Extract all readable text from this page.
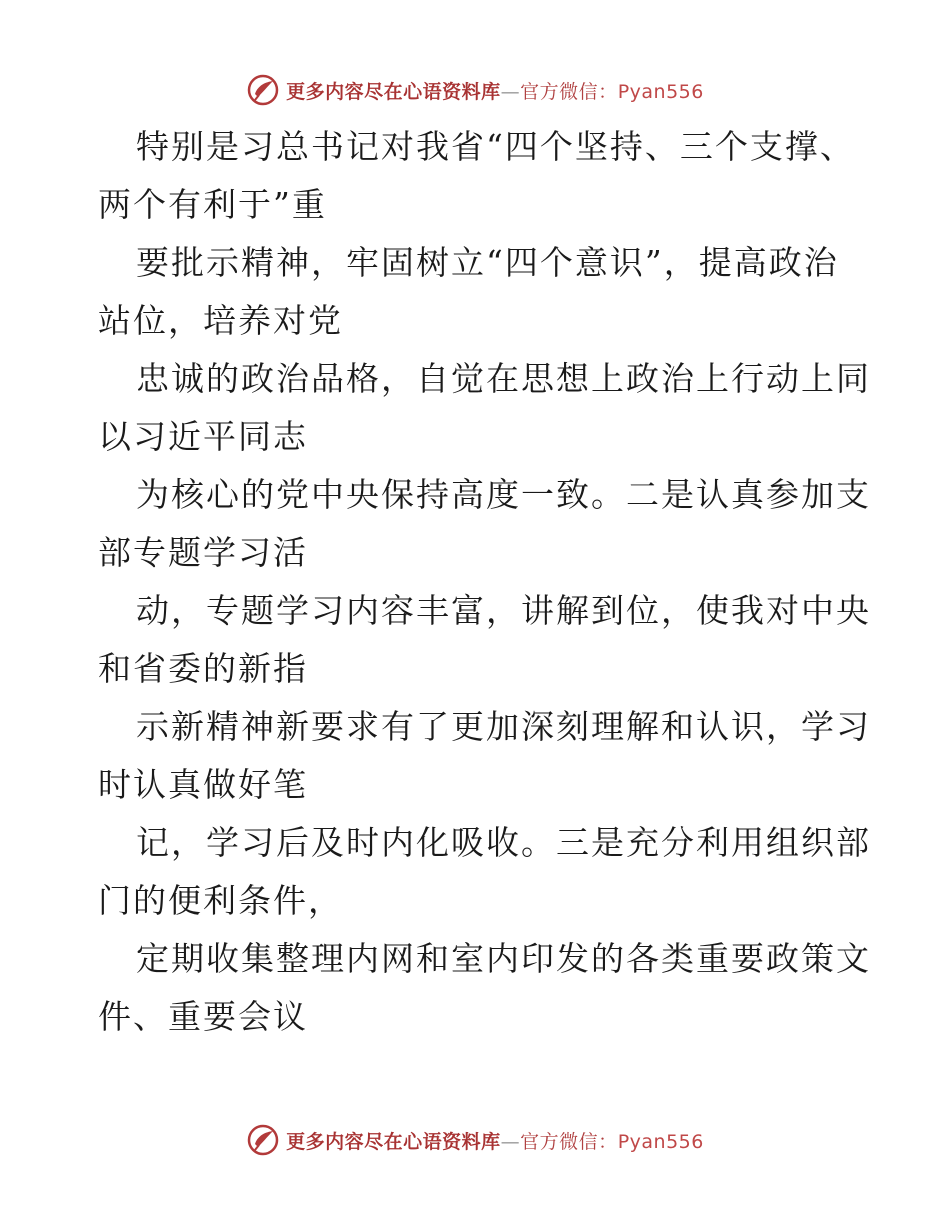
更多内容尽在心语资料库—官方微信：Pyan556

特别是习总书记对我省“四个坚持、三个支撑、
两个有利于”重

要批示精神，牢固树立“四个意识”，提高政治
站位，培养对党

忠诚的政治品格，自觉在思想上政治上行动上同
以习近平同志

为核心的党中央保持高度一致。二是认真参加支
部专题学习活

动，专题学习内容丰富，讲解到位，使我对中央
和省委的新指

示新精神新要求有了更加深刻理解和认识，学习
时认真做好笔

记，学习后及时内化吸收。三是充分利用组织部
门的便利条件，

定期收集整理内网和室内印发的各类重要政策文
件、重要会议

更多内容尽在心语资料库—官方微信：Pyan556
